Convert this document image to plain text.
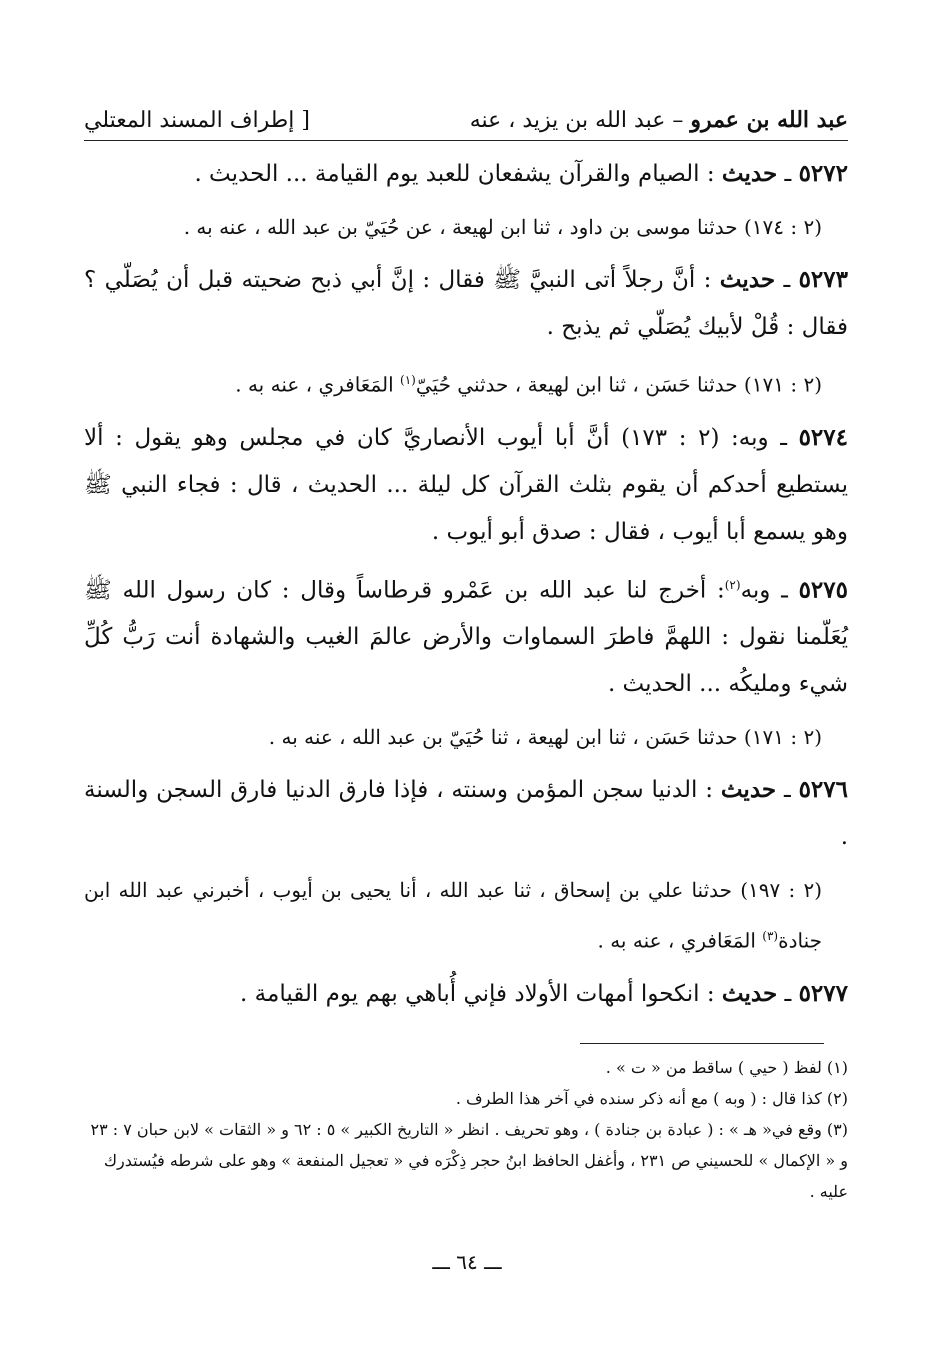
عبد الله بن عمرو – عبد الله بن يزيد ، عنه
[ إطراف المسند المعتلي

٥٢٧٢ ـ حديث : الصيام والقرآن يشفعان للعبد يوم القيامة ... الحديث .

(٢ : ١٧٤) حدثنا موسى بن داود ، ثنا ابن لهيعة ، عن حُيَيّ بن عبد الله ، عنه به .

٥٢٧٣ ـ حديث : أنَّ رجلاً أتى النبيَّ ﷺ فقال : إنَّ أبي ذبح ضحيته قبل أن يُصَلّي ؟ فقال : قُلْ لأبيك يُصَلّي ثم يذبح .

(٢ : ١٧١) حدثنا حَسَن ، ثنا ابن لهيعة ، حدثني حُيَيّ$^{(١)}$ المَعَافري ، عنه به .

٥٢٧٤ ـ وبه: (٢ : ١٧٣) أنَّ أبا أيوب الأنصاريَّ كان في مجلس وهو يقول : ألا يستطيع أحدكم أن يقوم بثلث القرآن كل ليلة ... الحديث ، قال : فجاء النبي ﷺ وهو يسمع أبا أيوب ، فقال : صدق أبو أيوب .

٥٢٧٥ ـ وبه$^{(٢)}$: أخرج لنا عبد الله بن عَمْرو قرطاساً وقال : كان رسول الله ﷺ يُعَلّمنا نقول : اللهمَّ فاطرَ السماوات والأرض عالمَ الغيب والشهادة أنت رَبُّ كُلِّ شيء ومليكُه ... الحديث .

(٢ : ١٧١) حدثنا حَسَن ، ثنا ابن لهيعة ، ثنا حُيَيّ بن عبد الله ، عنه به .

٥٢٧٦ ـ حديث : الدنيا سجن المؤمن وسنته ، فإذا فارق الدنيا فارق السجن والسنة .

(٢ : ١٩٧) حدثنا علي بن إسحاق ، ثنا عبد الله ، أنا يحيى بن أيوب ، أخبرني عبد الله ابن جنادة$^{(٣)}$ المَعَافري ، عنه به .

٥٢٧٧ ـ حديث : انكحوا أمهات الأولاد فإني أُباهي بهم يوم القيامة .

(١) لفظ ( حيي ) ساقط من « ت » .

(٢) كذا قال : ( وبه ) مع أنه ذكر سنده في آخر هذا الطرف .

(٣) وقع في« هـ » : ( عبادة بن جنادة ) ، وهو تحريف . انظر « التاريخ الكبير » ٥ : ٦٢ و « الثقات » لابن حبان ٧ : ٢٣ و « الإكمال » للحسيني ص ٢٣١ ، وأغفل الحافظ ابنُ حجر ذِكْرَه في « تعجيل المنفعة » وهو على شرطه فيُستدرك عليه .

ـــ ٦٤ ـــ
